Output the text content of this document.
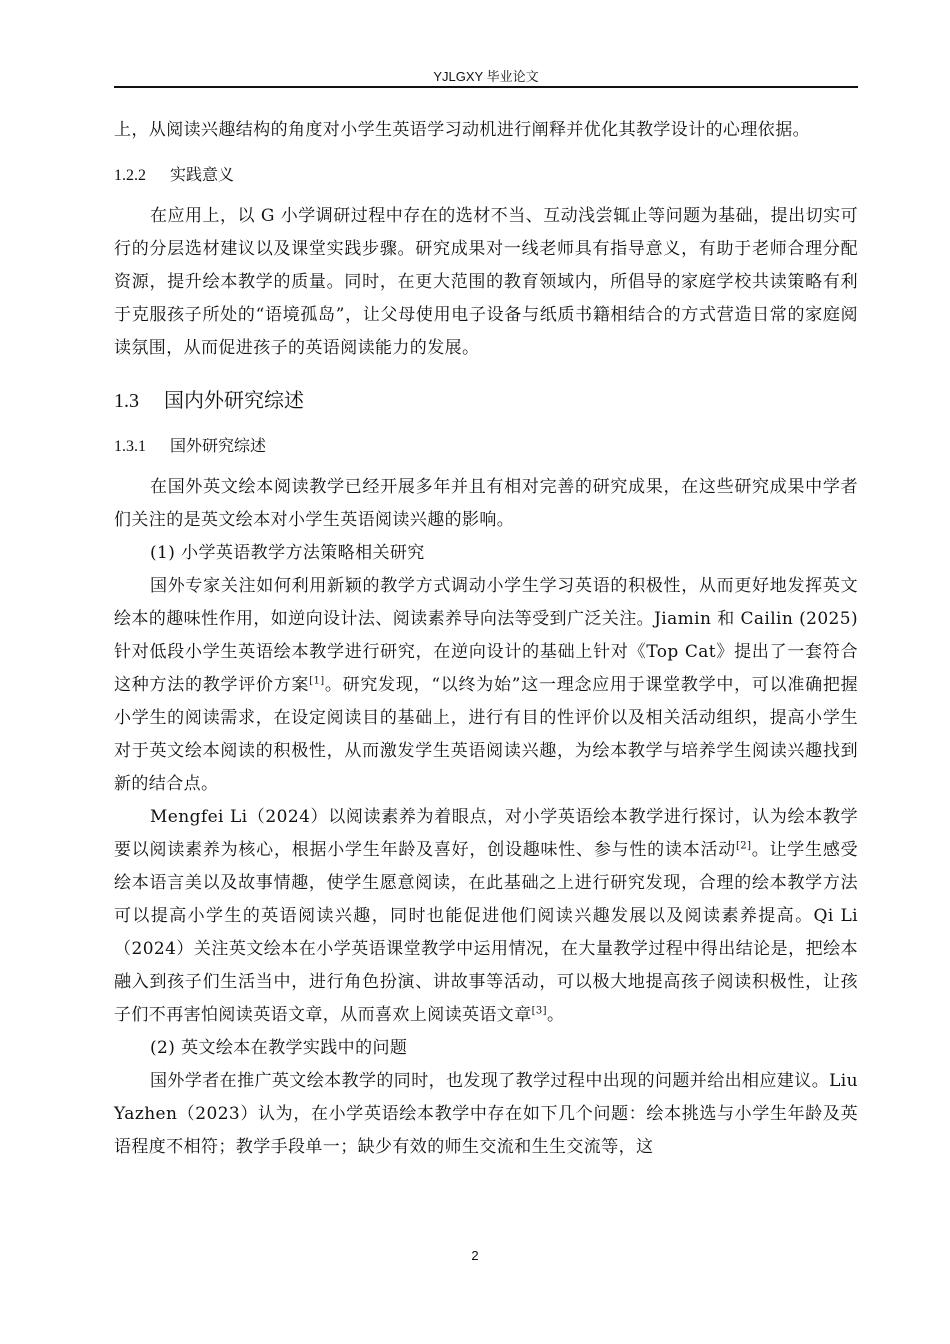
YJLGXY 毕业论文

上，从阅读兴趣结构的角度对小学生英语学习动机进行阐释并优化其教学设计的心理依据。

1.2.2 实践意义

在应用上，以 G 小学调研过程中存在的选材不当、互动浅尝辄止等问题为基础，提出切实可行的分层选材建议以及课堂实践步骤。研究成果对一线老师具有指导意义，有助于老师合理分配资源，提升绘本教学的质量。同时，在更大范围的教育领域内，所倡导的家庭学校共读策略有利于克服孩子所处的“语境孤岛”，让父母使用电子设备与纸质书籍相结合的方式营造日常的家庭阅读氛围，从而促进孩子的英语阅读能力的发展。

1.3 国内外研究综述
1.3.1 国外研究综述

在国外英文绘本阅读教学已经开展多年并且有相对完善的研究成果，在这些研究成果中学者们关注的是英文绘本对小学生英语阅读兴趣的影响。

(1) 小学英语教学方法策略相关研究

国外专家关注如何利用新颖的教学方式调动小学生学习英语的积极性，从而更好地发挥英文绘本的趣味性作用，如逆向设计法、阅读素养导向法等受到广泛关注。Jiamin 和 Cailin (2025)针对低段小学生英语绘本教学进行研究，在逆向设计的基础上针对《Top Cat》提出了一套符合这种方法的教学评价方案[1]。研究发现，“以终为始”这一理念应用于课堂教学中，可以准确把握小学生的阅读需求，在设定阅读目的基础上，进行有目的性评价以及相关活动组织，提高小学生对于英文绘本阅读的积极性，从而激发学生英语阅读兴趣，为绘本教学与培养学生阅读兴趣找到新的结合点。

Mengfei Li（2024）以阅读素养为着眼点，对小学英语绘本教学进行探讨，认为绘本教学要以阅读素养为核心，根据小学生年龄及喜好，创设趣味性、参与性的读本活动[2]。让学生感受绘本语言美以及故事情趣，使学生愿意阅读，在此基础之上进行研究发现，合理的绘本教学方法可以提高小学生的英语阅读兴趣，同时也能促进他们阅读兴趣发展以及阅读素养提高。Qi Li（2024）关注英文绘本在小学英语课堂教学中运用情况，在大量教学过程中得出结论是，把绘本融入到孩子们生活当中，进行角色扮演、讲故事等活动，可以极大地提高孩子阅读积极性，让孩子们不再害怕阅读英语文章，从而喜欢上阅读英语文章[3]。

(2) 英文绘本在教学实践中的问题

国外学者在推广英文绘本教学的同时，也发现了教学过程中出现的问题并给出相应建议。Liu Yazhen（2023）认为，在小学英语绘本教学中存在如下几个问题：绘本挑选与小学生年龄及英语程度不相符；教学手段单一；缺少有效的师生交流和生生交流等，这

2
